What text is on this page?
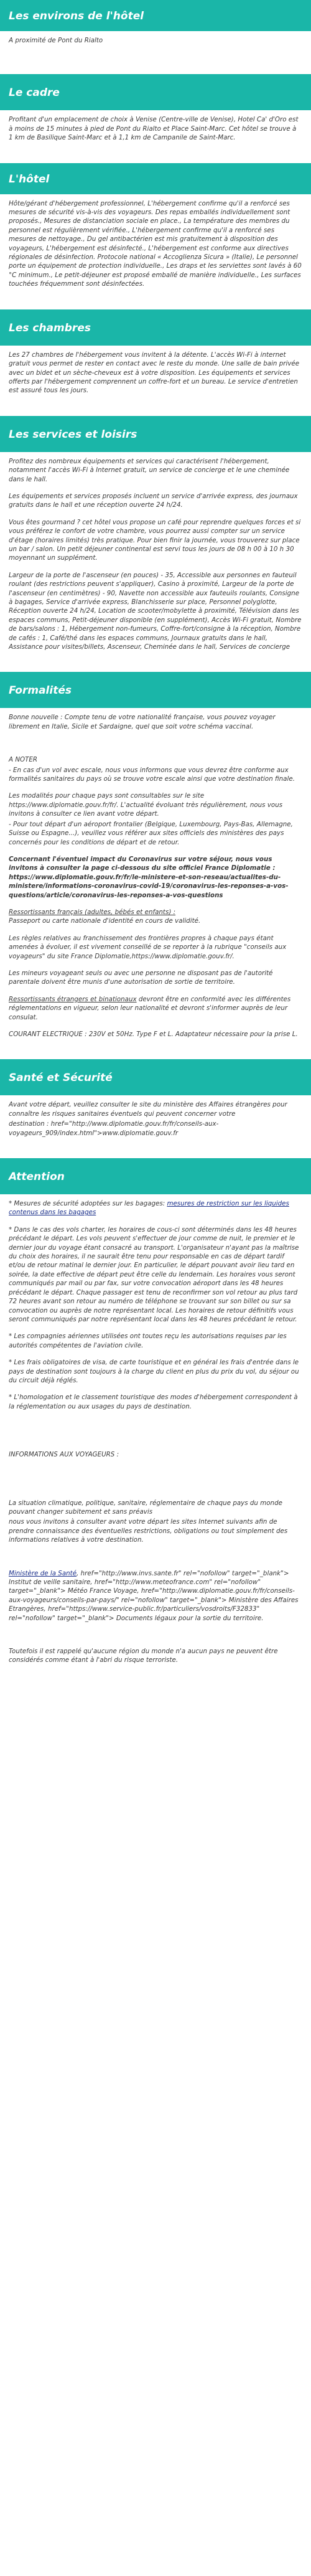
Les environs de l'hôtel

A proximité de Pont du Rialto

Le cadre

Profitant d'un emplacement de choix à Venise (Centre-ville de Venise), Hotel Ca' d'Oro est à moins de 15 minutes à pied de Pont du Rialto et Place Saint-Marc. Cet hôtel se trouve à 1 km de Basilique Saint-Marc et à 1,1 km de Campanile de Saint-Marc.

L'hôtel

Hôte/gérant d'hébergement professionnel, L'hébergement confirme qu'il a renforcé ses mesures de sécurité vis-à-vis des voyageurs. Des repas emballés individuellement sont proposés., Mesures de distanciation sociale en place., La température des membres du personnel est régulièrement vérifiée., L'hébergement confirme qu'il a renforcé ses mesures de nettoyage., Du gel antibactérien est mis gratuitement à disposition des voyageurs, L'hébergement est désinfecté., L'hébergement est conforme aux directives régionales de désinfection. Protocole national « Accoglienza Sicura » (Italie), Le personnel porte un équipement de protection individuelle., Les draps et les serviettes sont lavés à 60 °C minimum., Le petit-déjeuner est proposé emballé de manière individuelle., Les surfaces touchées fréquemment sont désinfectées.

Les chambres

Les 27 chambres de l'hébergement vous invitent à la détente. L'accès Wi-Fi à internet gratuit vous permet de rester en contact avec le reste du monde. Une salle de bain privée avec un bidet et un sèche-cheveux est à votre disposition. Les équipements et services offerts par l'hébergement comprennent un coffre-fort et un bureau. Le service d'entretien est assuré tous les jours.

Les services et loisirs

Profitez des nombreux équipements et services qui caractérisent l'hébergement, notamment l'accès Wi-Fi à Internet gratuit, un service de concierge et le une cheminée dans le hall.

Les équipements et services proposés incluent un service d'arrivée express, des journaux gratuits dans le hall et une réception ouverte 24 h/24.

Vous êtes gourmand ? cet hôtel vous propose un café pour reprendre quelques forces et si vous préférez le confort de votre chambre, vous pourrez aussi compter sur un service d'étage (horaires limités) très pratique. Pour bien finir la journée, vous trouverez sur place un bar / salon. Un petit déjeuner continental est servi tous les jours de 08 h 00 à 10 h 30 moyennant un supplément.

Largeur de la porte de l'ascenseur (en pouces) - 35, Accessible aux personnes en fauteuil roulant (des restrictions peuvent s'appliquer), Casino à proximité, Largeur de la porte de l'ascenseur (en centimètres) - 90, Navette non accessible aux fauteuils roulants, Consigne à bagages, Service d'arrivée express, Blanchisserie sur place, Personnel polyglotte, Réception ouverte 24 h/24, Location de scooter/mobylette à proximité, Télévision dans les espaces communs, Petit-déjeuner disponible (en supplément), Accès Wi-Fi gratuit, Nombre de bars/salons : 1, Hébergement non-fumeurs, Coffre-fort/consigne à la réception, Nombre de cafés : 1, Café/thé dans les espaces communs, Journaux gratuits dans le hall, Assistance pour visites/billets, Ascenseur, Cheminée dans le hall, Services de concierge

Formalités

Bonne nouvelle : Compte tenu de votre nationalité française, vous pouvez voyager librement en Italie, Sicile et Sardaigne, quel que soit votre schéma vaccinal.

A NOTER

- En cas d'un vol avec escale, nous vous informons que vous devrez être conforme aux formalités sanitaires du pays où se trouve votre escale ainsi que votre destination finale.

Les modalités pour chaque pays sont consultables sur le site https://www.diplomatie.gouv.fr/fr/. L'actualité évoluant très régulièrement, nous vous invitons à consulter ce lien avant votre départ.

- Pour tout départ d'un aéroport frontalier (Belgique, Luxembourg, Pays-Bas, Allemagne, Suisse ou Espagne...), veuillez vous référer aux sites officiels des ministères des pays concernés pour les conditions de départ et de retour.

Concernant l'éventuel impact du Coronavirus sur votre séjour, nous vous invitons à consulter la page ci-dessous du site officiel France Diplomatie : https://www.diplomatie.gouv.fr/fr/le-ministere-et-son-reseau/actualites-du-ministere/informations-coronavirus-covid-19/coronavirus-les-reponses-a-vos-questions/article/coronavirus-les-reponses-a-vos-questions

Ressortissants français (adultes, bébés et enfants) :
Passeport ou carte nationale d'identité en cours de validité.

Les règles relatives au franchissement des frontières propres à chaque pays étant amenées à évoluer, il est vivement conseillé de se reporter à la rubrique "conseils aux voyageurs" du site France Diplomatie,https://www.diplomatie.gouv.fr/.

Les mineurs voyageant seuls ou avec une personne ne disposant pas de l'autorité parentale doivent être munis d'une autorisation de sortie de territoire.

Ressortissants étrangers et binationaux devront être en conformité avec les différentes réglementations en vigueur, selon leur nationalité et devront s'informer auprès de leur consulat.

COURANT ELECTRIQUE : 230V et 50Hz. Type F et L. Adaptateur nécessaire pour la prise L.

Santé et Sécurité

Avant votre départ, veuillez consulter le site du ministère des Affaires étrangères pour connaître les risques sanitaires éventuels qui peuvent concerner votre

destination : href="http://www.diplomatie.gouv.fr/fr/conseils-aux-voyageurs_909/index.html">www.diplomatie.gouv.fr

Attention

* Mesures de sécurité adoptées sur les bagages: mesures de restriction sur les liquides contenus dans les bagages

* Dans le cas des vols charter, les horaires de cous-ci sont déterminés dans les 48 heures précédant le départ. Les vols peuvent s'effectuer de jour comme de nuit, le premier et le dernier jour du voyage étant consacré au transport. L'organisateur n'ayant pas la maîtrise du choix des horaires, il ne saurait être tenu pour responsable en cas de départ tardif et/ou de retour matinal le dernier jour. En particulier, le départ pouvant avoir lieu tard en soirée, la date effective de départ peut être celle du lendemain. Les horaires vous seront communiqués par mail ou par fax, sur votre convocation aéroport dans les 48 heures précédant le départ. Chaque passager est tenu de reconfirmer son vol retour au plus tard 72 heures avant son retour au numéro de téléphone se trouvant sur son billet ou sur sa convocation ou auprès de notre représentant local. Les horaires de retour définitifs vous seront communiqués par notre représentant local dans les 48 heures précédant le retour.

* Les compagnies aériennes utilisées ont toutes reçu les autorisations requises par les autorités compétentes de l'aviation civile.

* Les frais obligatoires de visa, de carte touristique et en général les frais d'entrée dans le pays de destination sont toujours à la charge du client en plus du prix du vol, du séjour ou du circuit déjà réglés.

* L'homologation et le classement touristique des modes d'hébergement correspondent à la réglementation ou aux usages du pays de destination.

INFORMATIONS AUX VOYAGEURS :

La situation climatique, politique, sanitaire, réglementaire de chaque pays du monde pouvant changer subitement et sans préavis

nous vous invitons à consulter avant votre départ les sites Internet suivants afin de prendre connaissance des éventuelles restrictions, obligations ou tout simplement des informations relatives à votre destination.

Ministère de la Santé, href="http://www.invs.sante.fr" rel="nofollow" target="_blank"> Institut de veille sanitaire, href="http://www.meteofrance.com" rel="nofollow" target="_blank"> Météo France Voyage, href="http://www.diplomatie.gouv.fr/fr/conseils-aux-voyageurs/conseils-par-pays/" rel="nofollow" target="_blank"> Ministère des Affaires Etrangères, href="https://www.service-public.fr/particuliers/vosdroits/F32833" rel="nofollow" target="_blank"> Documents légaux pour la sortie du territoire.

Toutefois il est rappelé qu'aucune région du monde n'a aucun pays ne peuvent être considérés comme étant à l'abri du risque terroriste.
